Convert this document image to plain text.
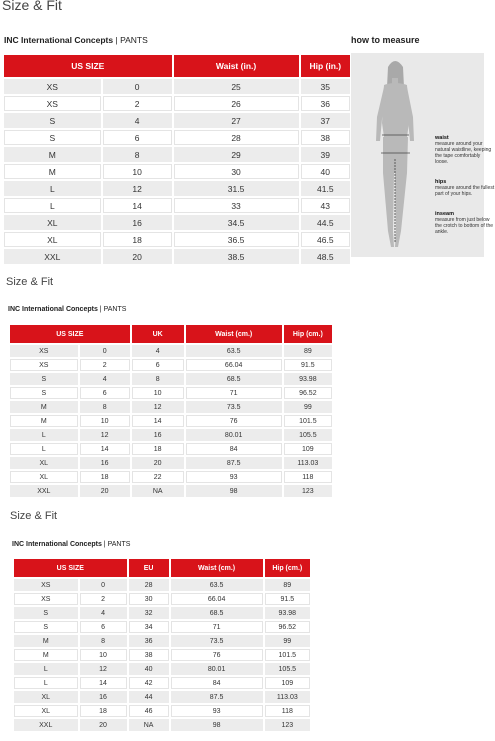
Size & Fit
INC International Concepts | PANTS
US SIZE		Waist (in.)	Hip (in.)
XS	0	25	35
XS	2	26	36
S	4	27	37
S	6	28	38
M	8	29	39
M	10	30	40
L	12	31.5	41.5
L	14	33	43
XL	16	34.5	44.5
XL	18	36.5	46.5
XXL	20	38.5	48.5
how to measure
waist
measure around your natural waistline, keeping the tape comfortably loose.
hips
measure around the fullest part of your hips.
inseam
measure from just below the crotch to bottom of the ankle.
Size & Fit
INC International Concepts | PANTS
US SIZE		UK	Waist (cm.)	Hip (cm.)
XS	0	4	63.5	89
XS	2	6	66.04	91.5
S	4	8	68.5	93.98
S	6	10	71	96.52
M	8	12	73.5	99
M	10	14	76	101.5
L	12	16	80.01	105.5
L	14	18	84	109
XL	16	20	87.5	113.03
XL	18	22	93	118
XXL	20	NA	98	123
Size & Fit
INC International Concepts | PANTS
US SIZE		EU	Waist (cm.)	Hip (cm.)
XS	0	28	63.5	89
XS	2	30	66.04	91.5
S	4	32	68.5	93.98
S	6	34	71	96.52
M	8	36	73.5	99
M	10	38	76	101.5
L	12	40	80.01	105.5
L	14	42	84	109
XL	16	44	87.5	113.03
XL	18	46	93	118
XXL	20	NA	98	123
